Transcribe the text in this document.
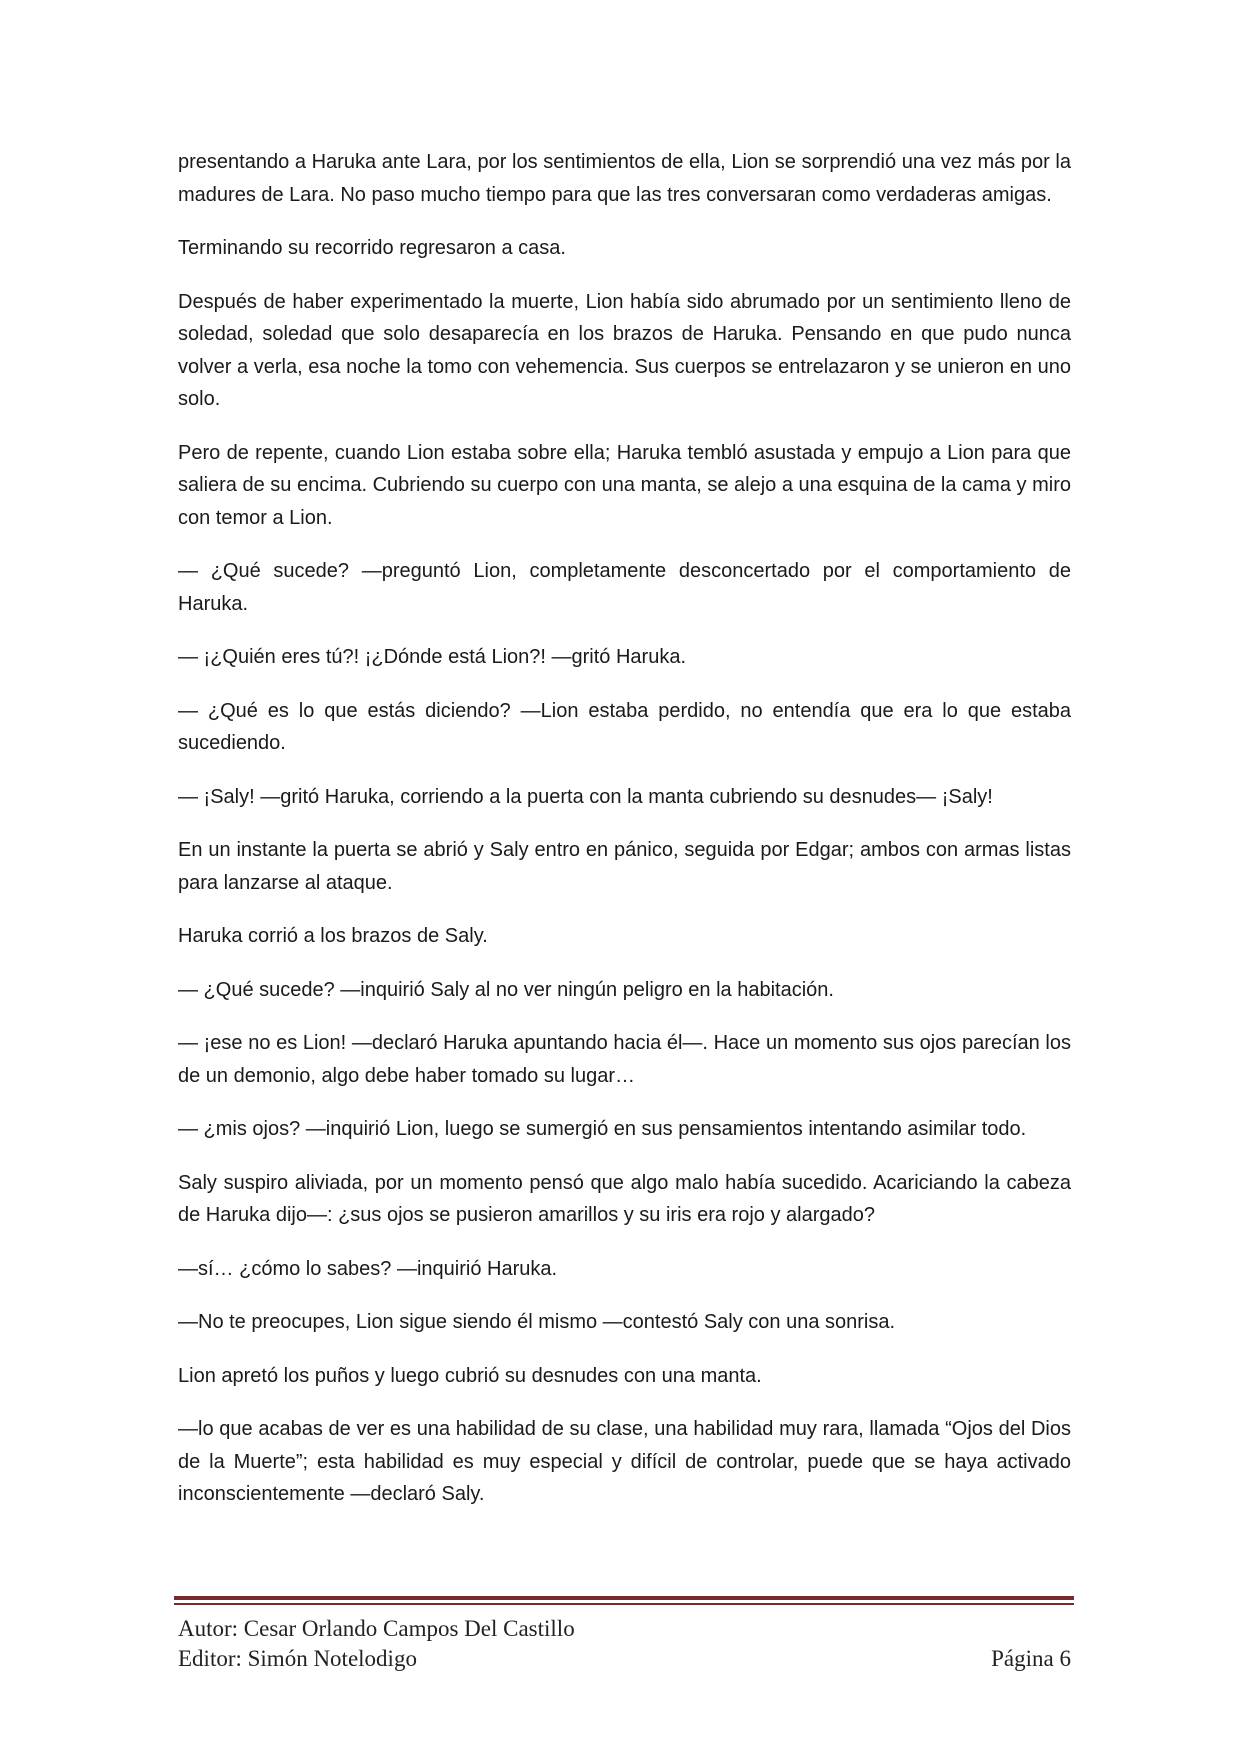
presentando a Haruka ante Lara, por los sentimientos de ella, Lion se sorprendió una vez más por la madures de Lara. No paso mucho tiempo para que las tres conversaran como verdaderas amigas.

Terminando su recorrido regresaron a casa.

Después de haber experimentado la muerte, Lion había sido abrumado por un sentimiento lleno de soledad, soledad que solo desaparecía en los brazos de Haruka. Pensando en que pudo nunca volver a verla, esa noche la tomo con vehemencia. Sus cuerpos se entrelazaron y se unieron en uno solo.

Pero de repente, cuando Lion estaba sobre ella; Haruka tembló asustada y empujo a Lion para que saliera de su encima. Cubriendo su cuerpo con una manta, se alejo a una esquina de la cama y miro con temor a Lion.

— ¿Qué sucede? —preguntó Lion, completamente desconcertado por el comportamiento de Haruka.

— ¡¿Quién eres tú?! ¡¿Dónde está Lion?! —gritó Haruka.

— ¿Qué es lo que estás diciendo? —Lion estaba perdido, no entendía que era lo que estaba sucediendo.

— ¡Saly! —gritó Haruka, corriendo a la puerta con la manta cubriendo su desnudes— ¡Saly!

En un instante la puerta se abrió y Saly entro en pánico, seguida por Edgar; ambos con armas listas para lanzarse al ataque.

Haruka corrió a los brazos de Saly.

— ¿Qué sucede? —inquirió Saly al no ver ningún peligro en la habitación.

— ¡ese no es Lion! —declaró Haruka apuntando hacia él—. Hace un momento sus ojos parecían los de un demonio, algo debe haber tomado su lugar…

— ¿mis ojos? —inquirió Lion, luego se sumergió en sus pensamientos intentando asimilar todo.

Saly suspiro aliviada, por un momento pensó que algo malo había sucedido. Acariciando la cabeza de Haruka dijo—: ¿sus ojos se pusieron amarillos y su iris era rojo y alargado?

—sí… ¿cómo lo sabes? —inquirió Haruka.

—No te preocupes, Lion sigue siendo él mismo —contestó Saly con una sonrisa.

Lion apretó los puños y luego cubrió su desnudes con una manta.

—lo que acabas de ver es una habilidad de su clase, una habilidad muy rara, llamada “Ojos del Dios de la Muerte”; esta habilidad es muy especial y difícil de controlar, puede que se haya activado inconscientemente —declaró Saly.

Autor: Cesar Orlando Campos Del Castillo
Editor: Simón Notelodigo	Página 6
